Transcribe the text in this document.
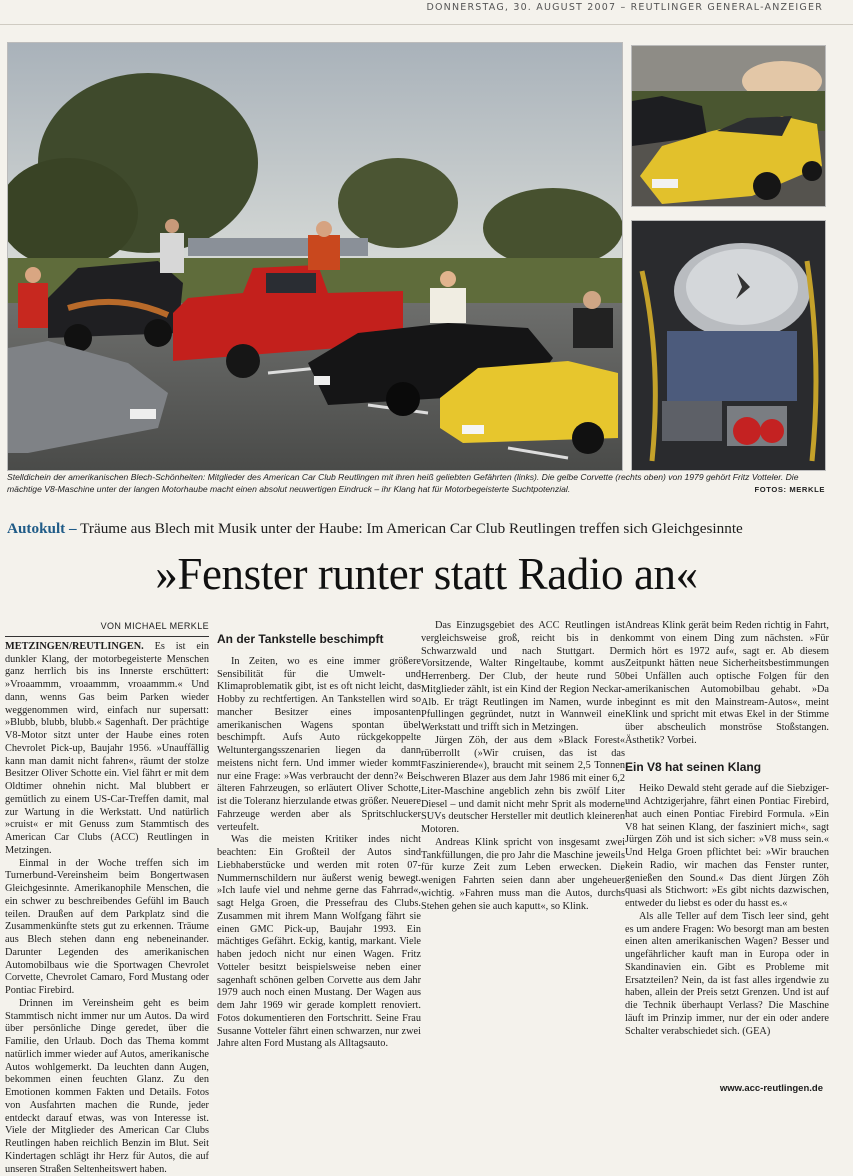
DONNERSTAG, 30. AUGUST 2007 – REUTLINGER GENERAL-ANZEIGER
Stelldichein der amerikanischen Blech-Schönheiten: Mitglieder des American Car Club Reutlingen mit ihren heiß geliebten Gefährten (links). Die gelbe Corvette (rechts oben) von 1979 gehört Fritz Votteler. Die mächtige V8-Maschine unter der langen Motorhaube macht einen absolut neuwertigen Eindruck – ihr Klang hat für Motorbegeisterte Suchtpotenzial.	FOTOS: MERKLE
Autokult – Träume aus Blech mit Musik unter der Haube: Im American Car Club Reutlingen treffen sich Gleichgesinnte
»Fenster runter statt Radio an«
VON MICHAEL MERKLE

METZINGEN/REUTLINGEN. Es ist ein dunkler Klang, der motorbegeisterte Menschen ganz herrlich bis ins Innerste erschüttert: »Vroaammm, vroaammm, vroaammm.« Und dann, wenns Gas beim Parken wieder weggenommen wird, einfach nur supersatt: »Blubb, blubb, blubb.« Sagenhaft. Der prächtige V8-Motor sitzt unter der Haube eines roten Chevrolet Pick-up, Baujahr 1956. »Unauffällig kann man damit nicht fahren«, räumt der stolze Besitzer Oliver Schotte ein. Viel fährt er mit dem Oldtimer ohnehin nicht. Mal blubbert er gemütlich zu einem US-Car-Treffen damit, mal zur Wartung in die Werkstatt. Und natürlich »cruist« er mit Genuss zum Stammtisch des American Car Clubs (ACC) Reutlingen in Metzingen.

Einmal in der Woche treffen sich im Turnerbund-Vereinsheim beim Bongertwasen Gleichgesinnte. Amerikanophile Menschen, die ein schwer zu beschreibendes Gefühl im Bauch teilen. Draußen auf dem Parkplatz sind die Zusammenkünfte stets gut zu erkennen. Träume aus Blech stehen dann eng nebeneinander. Darunter Legenden des amerikanischen Automobilbaus wie die Sportwagen Chevrolet Corvette, Chevrolet Camaro, Ford Mustang oder Pontiac Firebird.

Drinnen im Vereinsheim geht es beim Stammtisch nicht immer nur um Autos. Da wird über persönliche Dinge geredet, über die Familie, den Urlaub. Doch das Thema kommt natürlich immer wieder auf Autos, amerikanische Autos wohlgemerkt. Da leuchten dann Augen, bekommen einen feuchten Glanz. Zu den Emotionen kommen Fakten und Details. Fotos von Ausfahrten machen die Runde, jeder entdeckt darauf etwas, was von Interesse ist. Viele der Mitglieder des American Car Clubs Reutlingen haben reichlich Benzin im Blut. Seit Kindertagen schlägt ihr Herz für Autos, die auf unseren Straßen Seltenheitswert haben.

An der Tankstelle beschimpft

In Zeiten, wo es eine immer größere Sensibilität für die Umwelt- und Klimaproblematik gibt, ist es oft nicht leicht, das Hobby zu rechtfertigen. An Tankstellen wird so mancher Besitzer eines imposanten amerikanischen Wagens spontan übel beschimpft. Aufs Auto rückgekoppelte Weltuntergangsszenarien liegen da dann meistens nicht fern. Und immer wieder kommt nur eine Frage: »Was verbraucht der denn?« Bei älteren Fahrzeugen, so erläutert Oliver Schotte, ist die Toleranz hierzulande etwas größer. Neuere Fahrzeuge werden aber als Spritschlucker verteufelt.

Was die meisten Kritiker indes nicht beachten: Ein Großteil der Autos sind Liebhaberstücke und werden mit roten 07-Nummernschildern nur äußerst wenig bewegt. »Ich laufe viel und nehme gerne das Fahrrad«, sagt Helga Groen, die Pressefrau des Clubs. Zusammen mit ihrem Mann Wolfgang fährt sie einen GMC Pick-up, Baujahr 1993. Ein mächtiges Gefährt. Eckig, kantig, markant. Viele haben jedoch nicht nur einen Wagen. Fritz Votteler besitzt beispielsweise neben einer sagenhaft schönen gelben Corvette aus dem Jahr 1979 auch noch einen Mustang. Der Wagen aus dem Jahr 1969 wir gerade komplett renoviert. Fotos dokumentieren den Fortschritt. Seine Frau Susanne Votteler fährt einen schwarzen, nur zwei Jahre alten Ford Mustang als Alltagsauto.

Das Einzugsgebiet des ACC Reutlingen ist vergleichsweise groß, reicht bis in den Schwarzwald und nach Stuttgart. Der Vorsitzende, Walter Ringeltaube, kommt aus Herrenberg. Der Club, der heute rund 50 Mitglieder zählt, ist ein Kind der Region Neckar-Alb. Er trägt Reutlingen im Namen, wurde in Pfullingen gegründet, nutzt in Wannweil eine Werkstatt und trifft sich in Metzingen.

Jürgen Zöh, der aus dem »Black Forest« rüberrollt (»Wir cruisen, das ist das Faszinierende«), braucht mit seinem 2,5 Tonnen schweren Blazer aus dem Jahr 1986 mit einer 6,2 Liter-Maschine angeblich zehn bis zwölf Liter Diesel – und damit nicht mehr Sprit als moderne SUVs deutscher Hersteller mit deutlich kleineren Motoren.

Andreas Klink spricht von insgesamt zwei Tankfüllungen, die pro Jahr die Maschine jeweils für kurze Zeit zum Leben erwecken. Die wenigen Fahrten seien dann aber ungeheuer wichtig. »Fahren muss man die Autos, durchs Stehen gehen sie auch kaputt«, so Klink.

Andreas Klink gerät beim Reden richtig in Fahrt, kommt von einem Ding zum nächsten. »Für mich hört es 1972 auf«, sagt er. Ab diesem Zeitpunkt hätten neue Sicherheitsbestimmungen bei Unfällen auch optische Folgen für den amerikanischen Automobilbau gehabt. »Da beginnt es mit den Mainstream-Autos«, meint Klink und spricht mit etwas Ekel in der Stimme über abscheulich monströse Stoßstangen. Ästhetik? Vorbei.

Ein V8 hat seinen Klang

Heiko Dewald steht gerade auf die Siebziger- und Achtzigerjahre, fährt einen Pontiac Firebird, hat auch einen Pontiac Firebird Formula. »Ein V8 hat seinen Klang, der fasziniert mich«, sagt Jürgen Zöh und ist sich sicher: »V8 muss sein.« Und Helga Groen pflichtet bei: »Wir brauchen kein Radio, wir machen das Fenster runter, genießen den Sound.« Das dient Jürgen Zöh quasi als Stichwort: »Es gibt nichts dazwischen, entweder du liebst es oder du hasst es.«

Als alle Teller auf dem Tisch leer sind, geht es um andere Fragen: Wo besorgt man am besten einen alten amerikanischen Wagen? Besser und ungefährlicher kauft man in Europa oder in Skandinavien ein. Gibt es Probleme mit Ersatzteilen? Nein, da ist fast alles irgendwie zu haben, allein der Preis setzt Grenzen. Und ist auf die Technik überhaupt Verlass? Die Maschine läuft im Prinzip immer, nur der ein oder andere Schalter verabschiedet sich. (GEA)

www.acc-reutlingen.de
